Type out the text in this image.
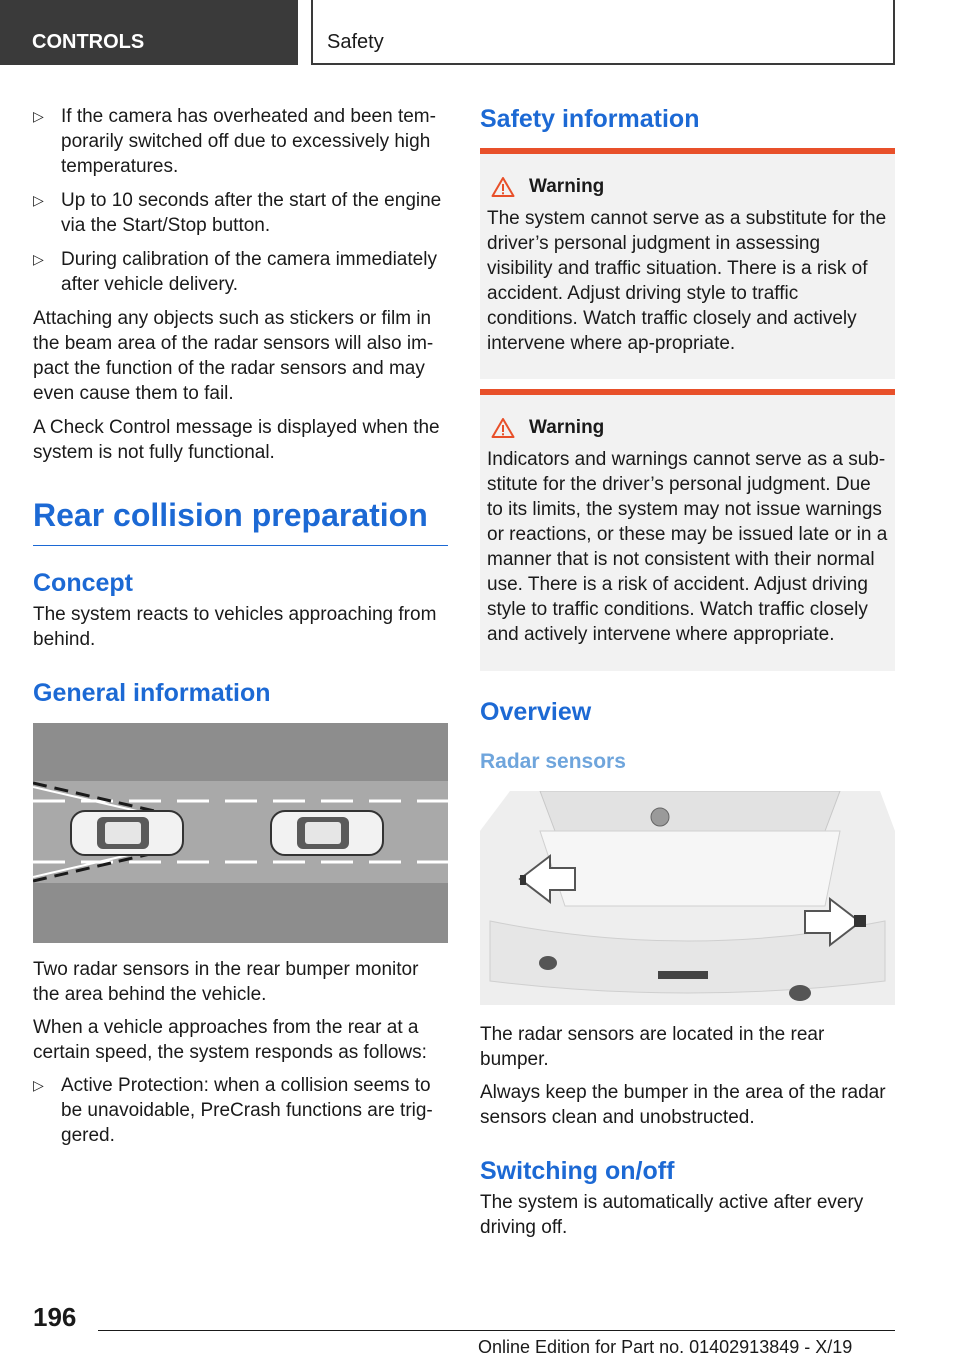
CONTROLS	Safety
▷ If the camera has overheated and been tem-porarily switched off due to excessively high temperatures.
▷ Up to 10 seconds after the start of the engine via the Start/Stop button.
▷ During calibration of the camera immediately after vehicle delivery.

Attaching any objects such as stickers or film in the beam area of the radar sensors will also im-pact the function of the radar sensors and may even cause them to fail.

A Check Control message is displayed when the system is not fully functional.

Rear collision preparation
Concept

The system reacts to vehicles approaching from behind.

General information

Two radar sensors in the rear bumper monitor the area behind the vehicle.

When a vehicle approaches from the rear at a certain speed, the system responds as follows:

▷ Active Protection: when a collision seems to be unavoidable, PreCrash functions are trig-gered.
Safety information
Warning

The system cannot serve as a substitute for the driver’s personal judgment in assessing visibility and traffic situation. There is a risk of accident. Adjust driving style to traffic conditions. Watch traffic closely and actively intervene where ap-propriate.

Warning

Indicators and warnings cannot serve as a sub-stitute for the driver’s personal judgment. Due to its limits, the system may not issue warnings or reactions, or these may be issued late or in a manner that is not consistent with their normal use. There is a risk of accident. Adjust driving style to traffic conditions. Watch traffic closely and actively intervene where appropriate.

Overview
Radar sensors

The radar sensors are located in the rear bumper.

Always keep the bumper in the area of the radar sensors clean and unobstructed.

Switching on/off

The system is automatically active after every driving off.

196
Online Edition for Part no. 01402913849 - X/19
